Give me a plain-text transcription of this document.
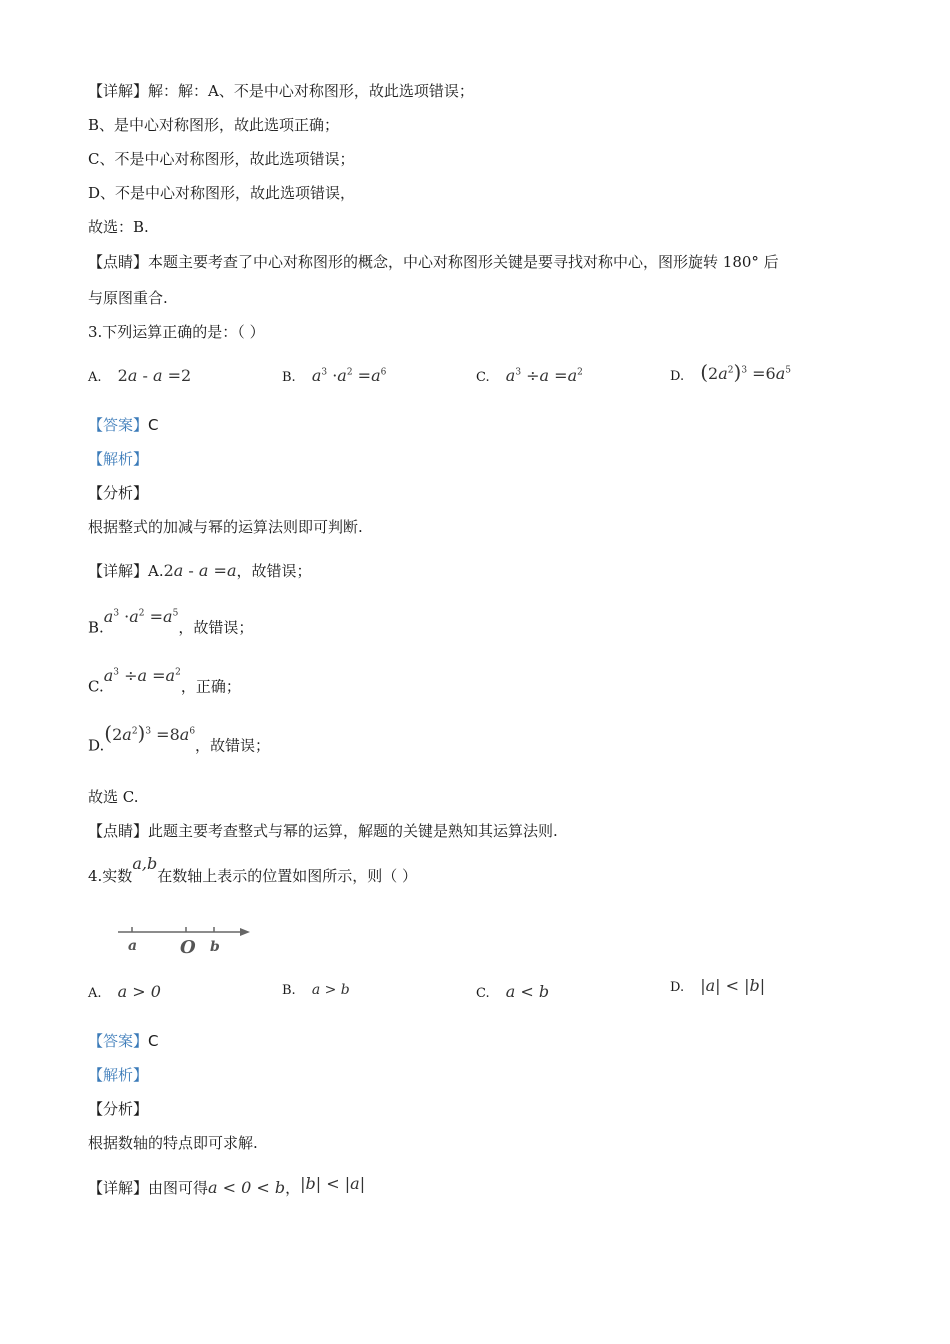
【详解】解：解：A、不是中心对称图形，故此选项错误；
B、是中心对称图形，故此选项正确；
C、不是中心对称图形，故此选项错误；
D、不是中心对称图形，故此选项错误，
故选：B.
【点睛】本题主要考查了中心对称图形的概念，中心对称图形关键是要寻找对称中心，图形旋转 180° 后
与原图重合.
3.下列运算正确的是：（ ）
A. 2a - a =2	B. $a^3 \cdot a^2 =a^6$	C. $a^3 \div a =a^2$	D. $(2a^2)^3 =6a^5$
【答案】C
【解析】
【分析】
根据整式的加减与幂的运算法则即可判断.
【详解】A.2a - a =a，故错误；
$B.a^3 \cdot a^2 =a^5$，故错误；
$C.a^3 \div a =a^2$，正确；
$D.(2a^2)^3 =8a^6$，故错误；
故选 C.
【点睛】此题主要考查整式与幂的运算，解题的关键是熟知其运算法则.
4.实数a,b在数轴上表示的位置如图所示，则（ ）
a O b
A. a > 0	B. a > b	C. a < b	D. |a| < |b|
【答案】C
【解析】
【分析】
根据数轴的特点即可求解.
【详解】由图可得a < 0 < b，|b| < |a|
